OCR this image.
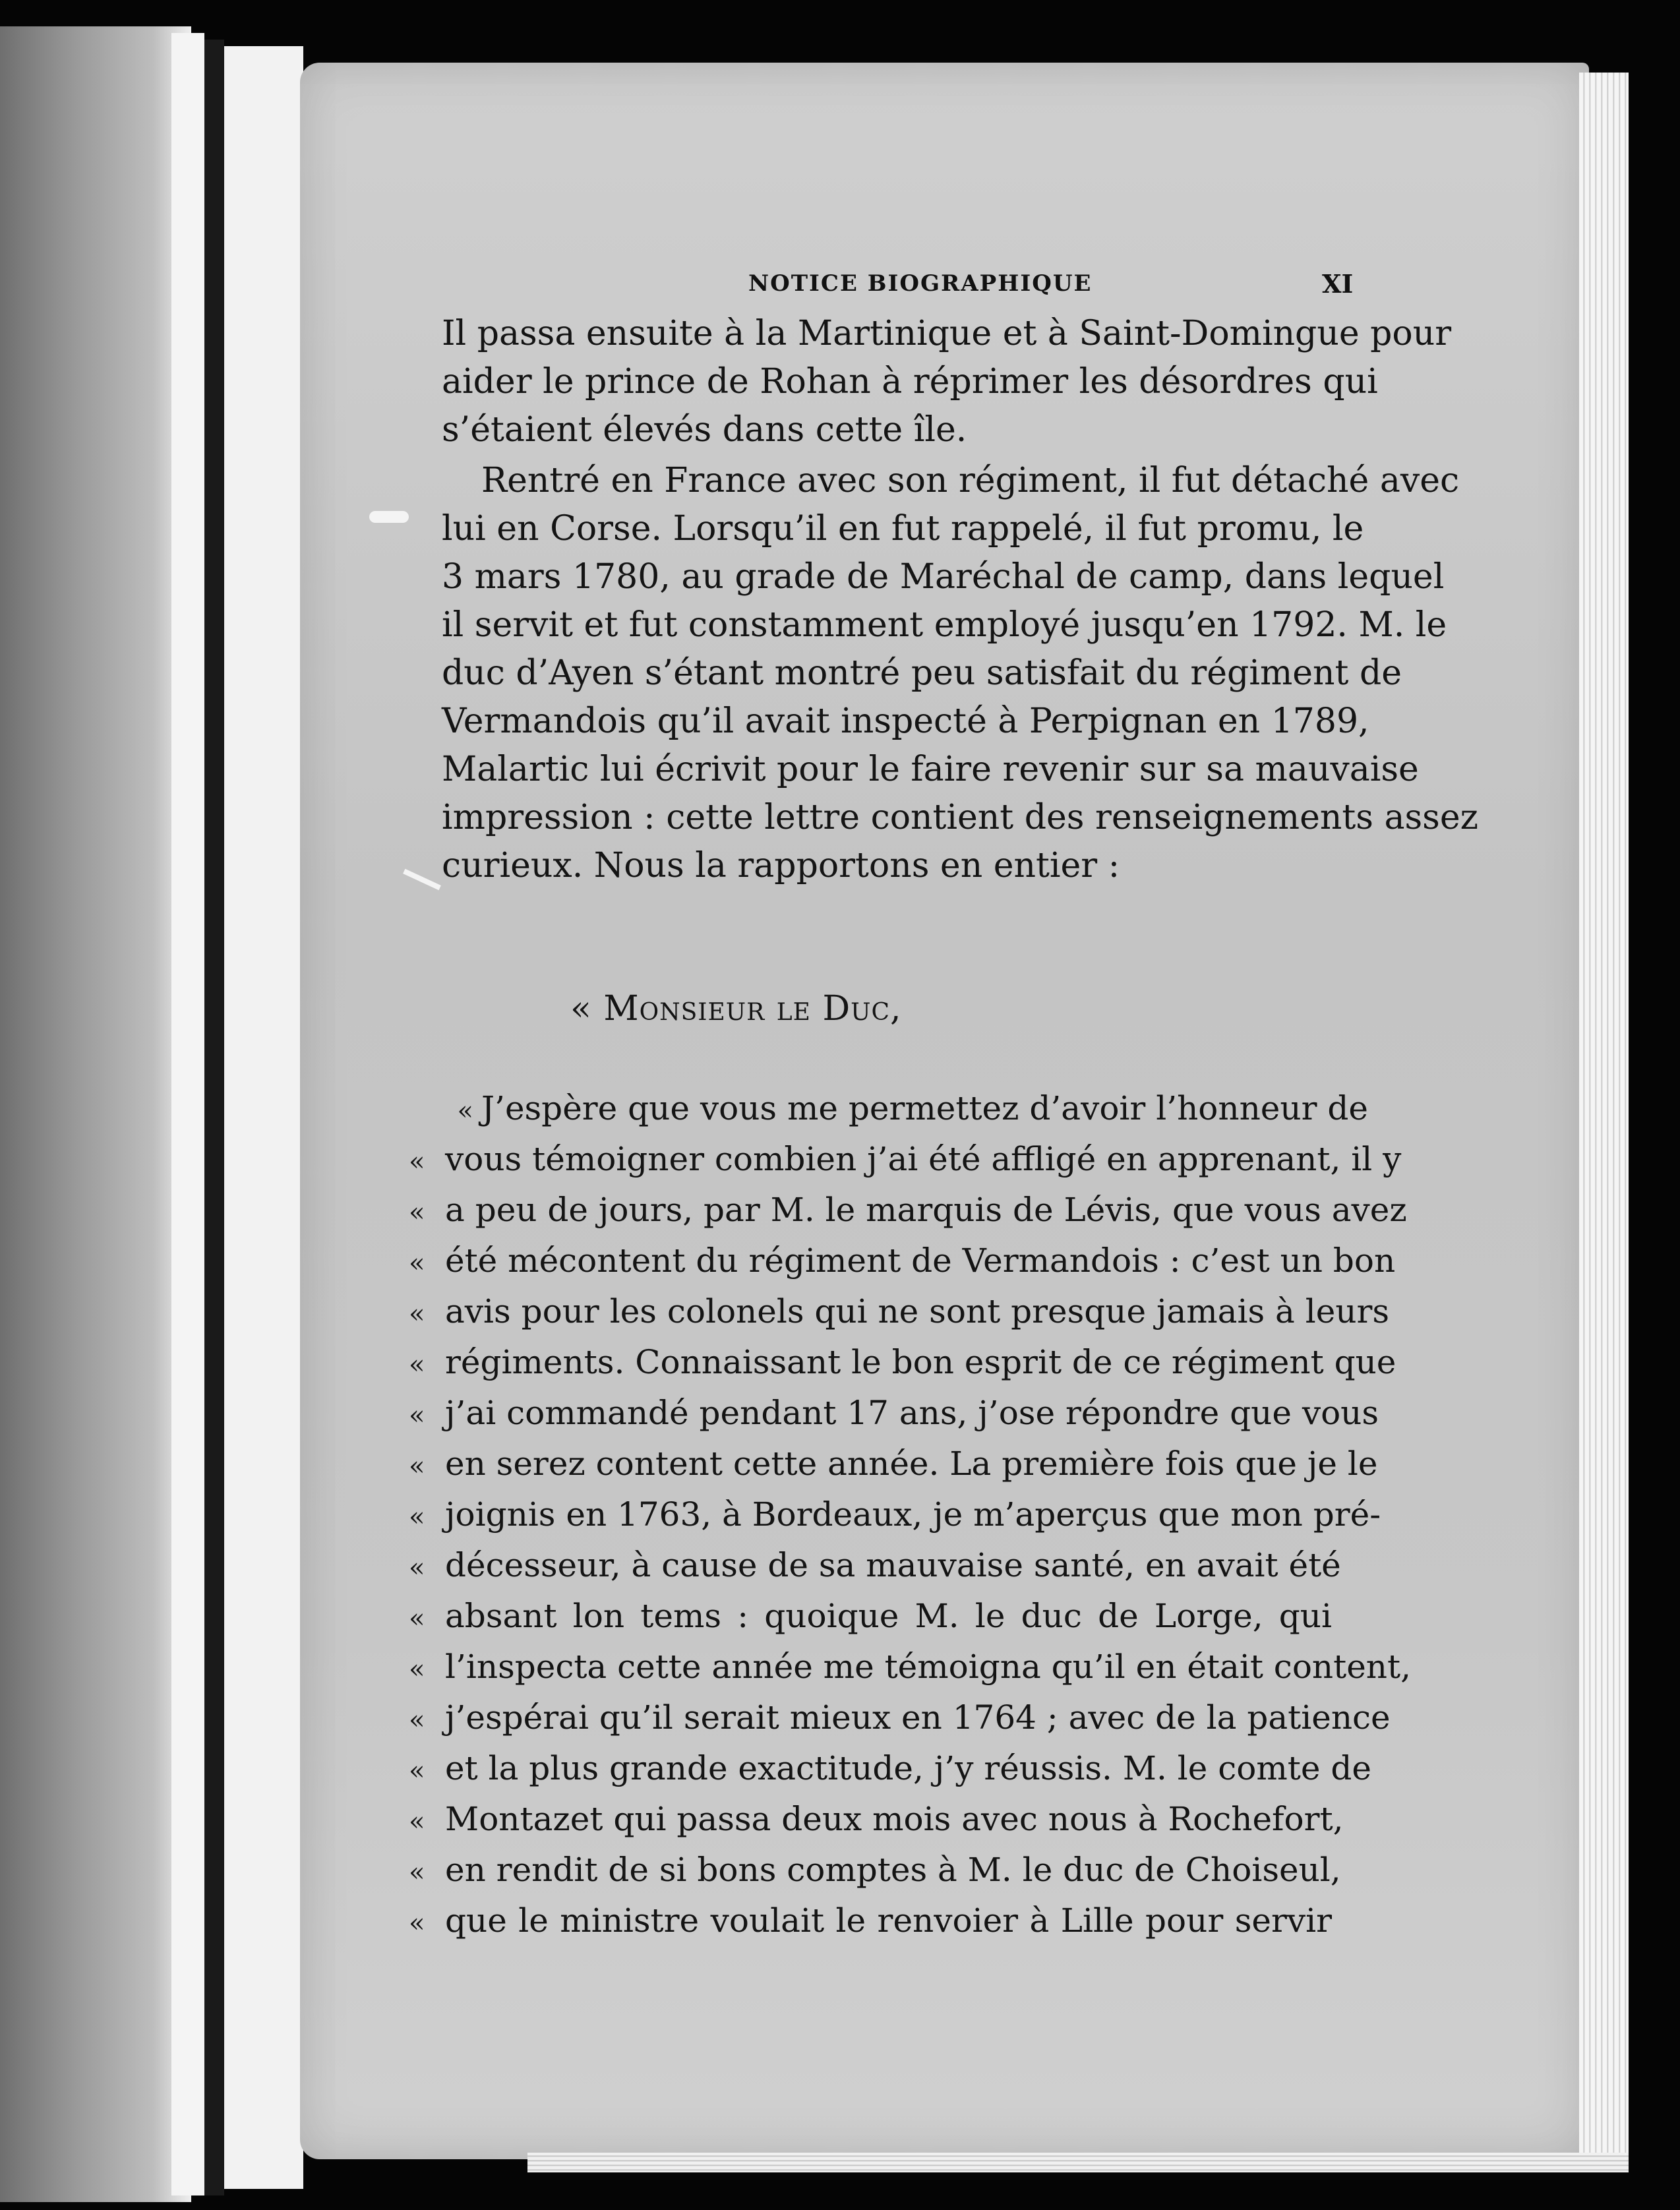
NOTICE BIOGRAPHIQUE	XI
Il passa ensuite à la Martinique et à Saint-Domingue pour
aider le prince de Rohan à réprimer les désordres qui
s’étaient élevés dans cette île.
Rentré en France avec son régiment, il fut détaché avec
lui en Corse. Lorsqu’il en fut rappelé, il fut promu, le
3 mars 1780, au grade de Maréchal de camp, dans lequel
il servit et fut constamment employé jusqu’en 1792. M. le
duc d’Ayen s’étant montré peu satisfait du régiment de
Vermandois qu’il avait inspecté à Perpignan en 1789,
Malartic lui écrivit pour le faire revenir sur sa mauvaise
impression : cette lettre contient des renseignements assez
curieux. Nous la rapportons en entier :
« Monsieur le Duc,
« J’espère que vous me permettez d’avoir l’honneur de
« vous témoigner combien j’ai été affligé en apprenant, il y
« a peu de jours, par M. le marquis de Lévis, que vous avez
« été mécontent du régiment de Vermandois : c’est un bon
« avis pour les colonels qui ne sont presque jamais à leurs
« régiments. Connaissant le bon esprit de ce régiment que
« j’ai commandé pendant 17 ans, j’ose répondre que vous
« en serez content cette année. La première fois que je le
« joignis en 1763, à Bordeaux, je m’aperçus que mon pré-
« décesseur, à cause de sa mauvaise santé, en avait été
« absant lon tems : quoique M. le duc de Lorge, qui
« l’inspecta cette année me témoigna qu’il en était content,
« j’espérai qu’il serait mieux en 1764 ; avec de la patience
« et la plus grande exactitude, j’y réussis. M. le comte de
« Montazet qui passa deux mois avec nous à Rochefort,
« en rendit de si bons comptes à M. le duc de Choiseul,
« que le ministre voulait le renvoier à Lille pour servir
